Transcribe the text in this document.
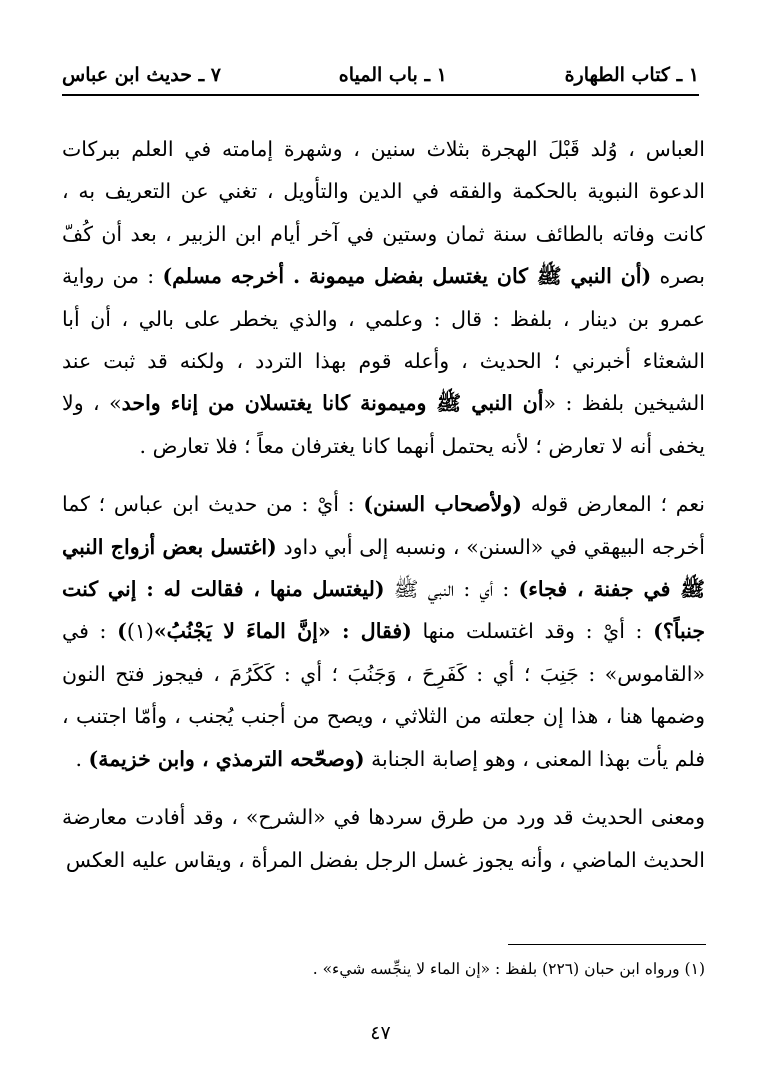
١ ـ كتاب الطهارة
١ ـ باب المياه
٧ ـ حديث ابن عباس

العباس ، وُلد قَبْلَ الهجرة بثلاث سنين ، وشهرة إمامته في العلم ببركات الدعوة النبوية بالحكمة والفقه في الدين والتأويل ، تغني عن التعريف به ، كانت وفاته بالطائف سنة ثمان وستين في آخر أيام ابن الزبير ، بعد أن كُفّ بصره (أن النبي ﷺ كان يغتسل بفضل ميمونة . أخرجه مسلم) : من رواية عمرو بن دينار ، بلفظ : قال : وعلمي ، والذي يخطر على بالي ، أن أبا الشعثاء أخبرني ؛ الحديث ، وأعله قوم بهذا التردد ، ولكنه قد ثبت عند الشيخين بلفظ : «أن النبي ﷺ وميمونة كانا يغتسلان من إناء واحد» ، ولا يخفى أنه لا تعارض ؛ لأنه يحتمل أنهما كانا يغترفان معاً ؛ فلا تعارض .

نعم ؛ المعارض قوله (ولأصحاب السنن) : أيْ : من حديث ابن عباس ؛ كما أخرجه البيهقي في «السنن» ، ونسبه إلى أبي داود (اغتسل بعض أزواج النبي ﷺ في جفنة ، فجاء) : أي : النبي ﷺ (ليغتسل منها ، فقالت له : إني كنت جنباً؟) : أيْ : وقد اغتسلت منها (فقال : «إنَّ الماءَ لا يَجْنُبُ»(١)) : في «القاموس» : جَنِبَ ؛ أي : كَفَرِحَ ، وَجَنُبَ ؛ أي : كَكَرُمَ ، فيجوز فتح النون وضمها هنا ، هذا إن جعلته من الثلاثي ، ويصح من أجنب يُجنب ، وأمّا اجتنب ، فلم يأت بهذا المعنى ، وهو إصابة الجنابة (وصحّحه الترمذي ، وابن خزيمة) .

ومعنى الحديث قد ورد من طرق سردها في «الشرح» ، وقد أفادت معارضة الحديث الماضي ، وأنه يجوز غسل الرجل بفضل المرأة ، ويقاس عليه العكس

(١) ورواه ابن حبان (٢٢٦) بلفظ : «إن الماء لا ينجِّسه شيء» .
٤٧
